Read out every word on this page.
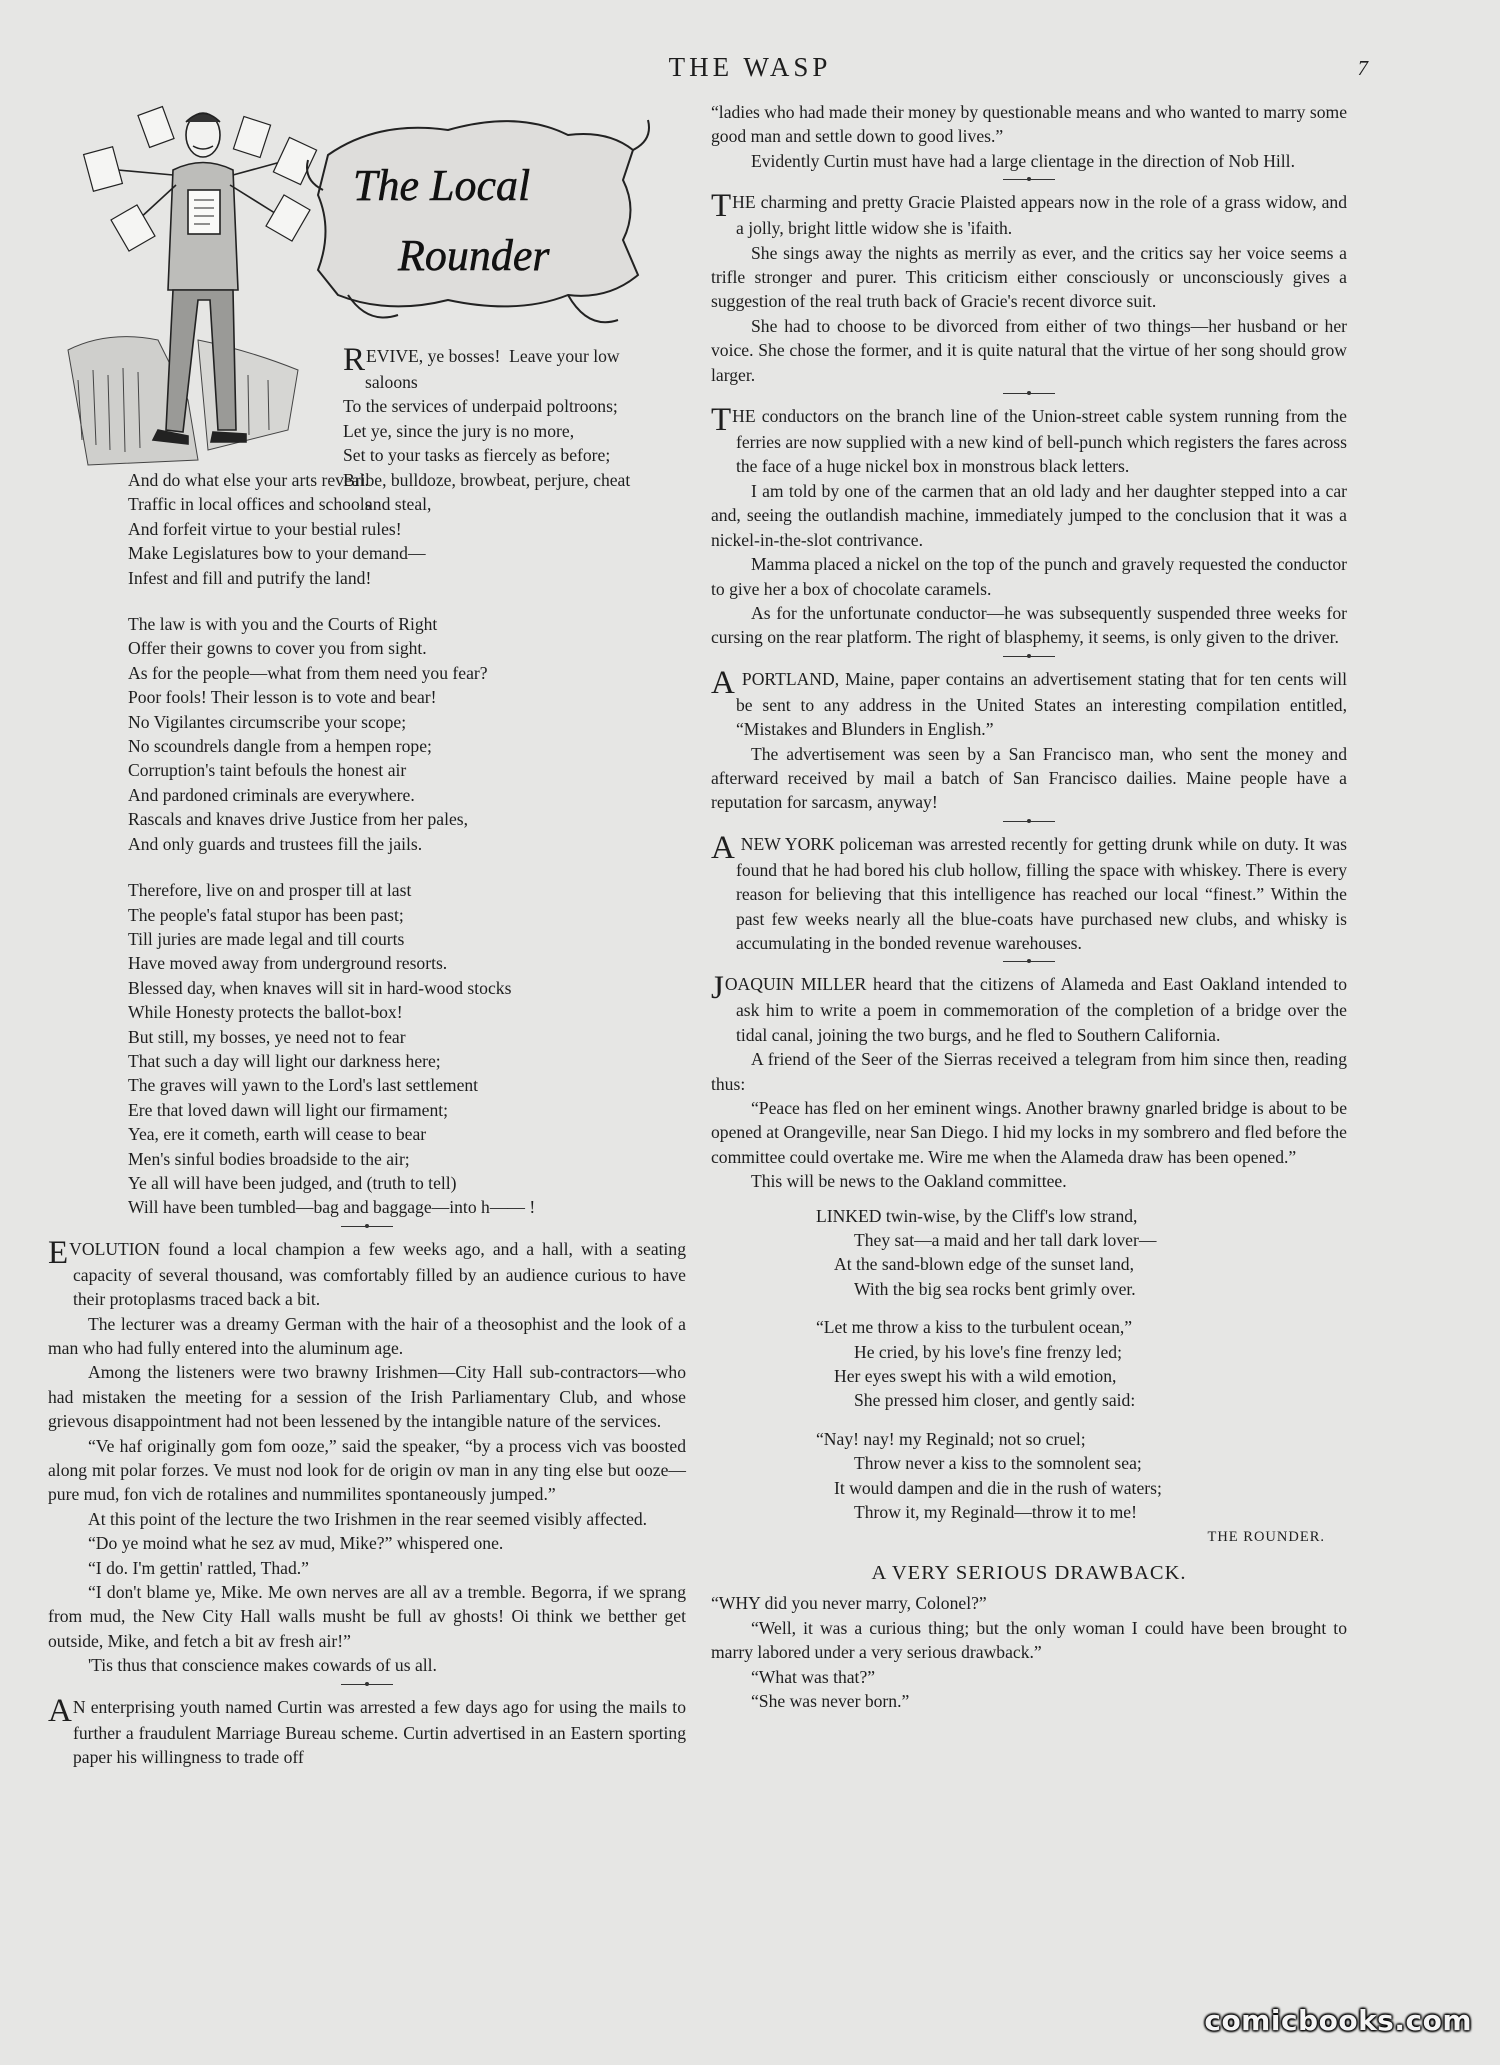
THE WASP	7
The Local
Rounder
REVIVE, ye bosses!  Leave your low
saloons
To the services of underpaid poltroons;
Let ye, since the jury is no more,
Set to your tasks as fiercely as before;
Bribe, bulldoze, browbeat, perjure, cheat
and steal,
And do what else your arts reveal.
Traffic in local offices and schools
And forfeit virtue to your bestial rules!
Make Legislatures bow to your demand—
Infest and fill and putrify the land!
The law is with you and the Courts of Right
Offer their gowns to cover you from sight.
As for the people—what from them need you fear?
Poor fools! Their lesson is to vote and bear!
No Vigilantes circumscribe your scope;
No scoundrels dangle from a hempen rope;
Corruption's taint befouls the honest air
And pardoned criminals are everywhere.
Rascals and knaves drive Justice from her pales,
And only guards and trustees fill the jails.
Therefore, live on and prosper till at last
The people's fatal stupor has been past;
Till juries are made legal and till courts
Have moved away from underground resorts.
Blessed day, when knaves will sit in hard-wood stocks
While Honesty protects the ballot-box!
But still, my bosses, ye need not to fear
That such a day will light our darkness here;
The graves will yawn to the Lord's last settlement
Ere that loved dawn will light our firmament;
Yea, ere it cometh, earth will cease to bear
Men's sinful bodies broadside to the air;
Ye all will have been judged, and (truth to tell)
Will have been tumbled—bag and baggage—into h—— !

EVOLUTION found a local champion a few weeks ago, and a hall, with a seating capacity of several thousand, was comfortably filled by an audience curious to have their protoplasms traced back a bit.

The lecturer was a dreamy German with the hair of a theosophist and the look of a man who had fully entered into the aluminum age.

Among the listeners were two brawny Irishmen—City Hall sub-contractors—who had mistaken the meeting for a session of the Irish Parliamentary Club, and whose grievous disappointment had not been lessened by the intangible nature of the services.

“Ve haf originally gom fom ooze,” said the speaker, “by a process vich vas boosted along mit polar forzes. Ve must nod look for de origin ov man in any ting else but ooze—pure mud, fon vich de rotalines and nummilites spontaneously jumped.”

At this point of the lecture the two Irishmen in the rear seemed visibly affected.

“Do ye moind what he sez av mud, Mike?” whispered one.

“I do. I'm gettin' rattled, Thad.”

“I don't blame ye, Mike. Me own nerves are all av a tremble. Begorra, if we sprang from mud, the New City Hall walls musht be full av ghosts! Oi think we betther get outside, Mike, and fetch a bit av fresh air!”

'Tis thus that conscience makes cowards of us all.

AN enterprising youth named Curtin was arrested a few days ago for using the mails to further a fraudulent Marriage Bureau scheme. Curtin advertised in an Eastern sporting paper his willingness to trade off

“ladies who had made their money by questionable means and who wanted to marry some good man and settle down to good lives.”

Evidently Curtin must have had a large clientage in the direction of Nob Hill.

THE charming and pretty Gracie Plaisted appears now in the role of a grass widow, and a jolly, bright little widow she is 'ifaith.

She sings away the nights as merrily as ever, and the critics say her voice seems a trifle stronger and purer. This criticism either consciously or unconsciously gives a suggestion of the real truth back of Gracie's recent divorce suit.

She had to choose to be divorced from either of two things—her husband or her voice. She chose the former, and it is quite natural that the virtue of her song should grow larger.

THE conductors on the branch line of the Union-street cable system running from the ferries are now supplied with a new kind of bell-punch which registers the fares across the face of a huge nickel box in monstrous black letters.

I am told by one of the carmen that an old lady and her daughter stepped into a car and, seeing the outlandish machine, immediately jumped to the conclusion that it was a nickel-in-the-slot contrivance.

Mamma placed a nickel on the top of the punch and gravely requested the conductor to give her a box of chocolate caramels.

As for the unfortunate conductor—he was subsequently suspended three weeks for cursing on the rear platform. The right of blasphemy, it seems, is only given to the driver.

A PORTLAND, Maine, paper contains an advertisement stating that for ten cents will be sent to any address in the United States an interesting compilation entitled, “Mistakes and Blunders in English.”

The advertisement was seen by a San Francisco man, who sent the money and afterward received by mail a batch of San Francisco dailies. Maine people have a reputation for sarcasm, anyway!

A NEW YORK policeman was arrested recently for getting drunk while on duty. It was found that he had bored his club hollow, filling the space with whiskey. There is every reason for believing that this intelligence has reached our local “finest.” Within the past few weeks nearly all the blue-coats have purchased new clubs, and whisky is accumulating in the bonded revenue warehouses.

JOAQUIN MILLER heard that the citizens of Alameda and East Oakland intended to ask him to write a poem in commemoration of the completion of a bridge over the tidal canal, joining the two burgs, and he fled to Southern California.

A friend of the Seer of the Sierras received a telegram from him since then, reading thus:

“Peace has fled on her eminent wings. Another brawny gnarled bridge is about to be opened at Orangeville, near San Diego. I hid my locks in my sombrero and fled before the committee could overtake me. Wire me when the Alameda draw has been opened.”

This will be news to the Oakland committee.

LINKED twin-wise, by the Cliff's low strand,
They sat—a maid and her tall dark lover—
At the sand-blown edge of the sunset land,
With the big sea rocks bent grimly over.
“Let me throw a kiss to the turbulent ocean,”
He cried, by his love's fine frenzy led;
Her eyes swept his with a wild emotion,
She pressed him closer, and gently said:
“Nay! nay! my Reginald; not so cruel;
Throw never a kiss to the somnolent sea;
It would dampen and die in the rush of waters;
Throw it, my Reginald—throw it to me!
THE ROUNDER.
A VERY SERIOUS DRAWBACK.

“WHY did you never marry, Colonel?”

“Well, it was a curious thing; but the only woman I could have been brought to marry labored under a very serious drawback.”

“What was that?”

“She was never born.”

comicbooks.com
